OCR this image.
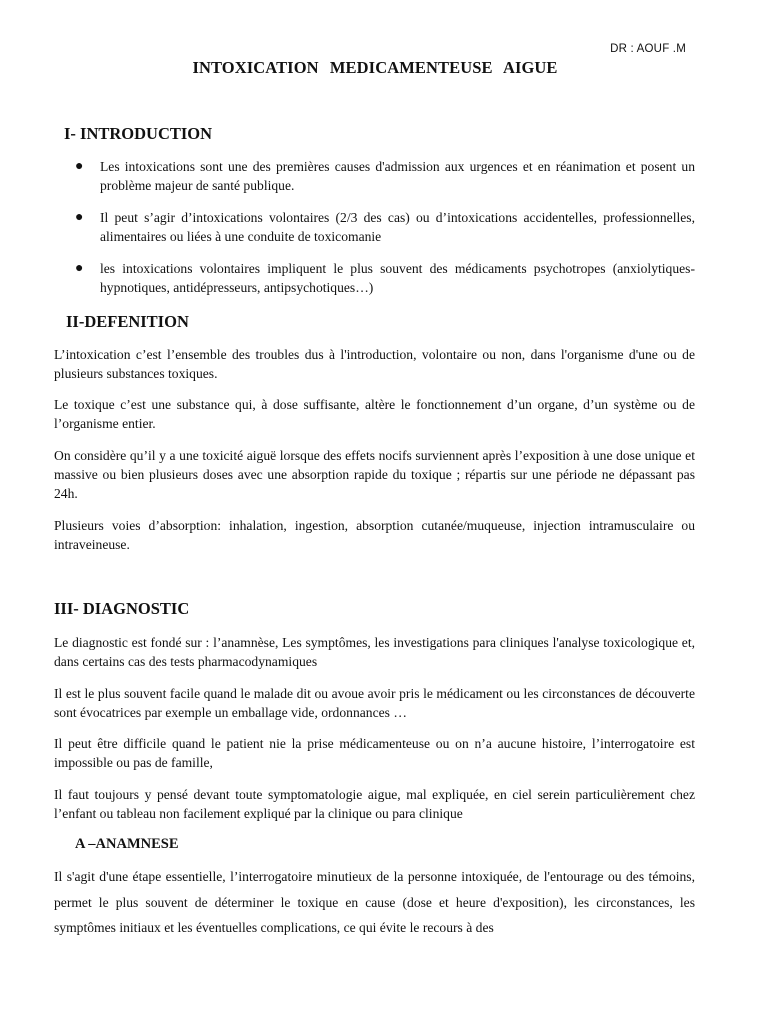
DR : AOUF .M
INTOXICATION MEDICAMENTEUSE AIGUE
I- INTRODUCTION
● Les intoxications sont une des premières causes d'admission aux urgences et en réanimation et posent un problème majeur de santé publique.

● Il peut s’agir d’intoxications volontaires (2/3 des cas) ou d’intoxications accidentelles, professionnelles, alimentaires ou liées à une conduite de toxicomanie

● les intoxications volontaires impliquent le plus souvent des médicaments psychotropes (anxiolytiques-hypnotiques, antidépresseurs, antipsychotiques…)

II-DEFENITION

L’intoxication c’est l’ensemble des troubles dus à l'introduction, volontaire ou non, dans l'organisme d'une ou de plusieurs substances toxiques.

Le toxique c’est une substance qui, à dose suffisante, altère le fonctionnement d’un organe, d’un système ou de l’organisme entier.

On considère qu’il y a une toxicité aiguë lorsque des effets nocifs surviennent après l’exposition à une dose unique et massive ou bien plusieurs doses avec une absorption rapide du toxique ; répartis sur une période ne dépassant pas 24h.

Plusieurs voies d’absorption: inhalation, ingestion, absorption cutanée/muqueuse, injection intramusculaire ou intraveineuse.

III- DIAGNOSTIC

Le diagnostic est fondé sur : l’anamnèse, Les symptômes, les investigations para cliniques l'analyse toxicologique et, dans certains cas des tests pharmacodynamiques

Il est le plus souvent facile quand le malade dit ou avoue avoir pris le médicament ou les circonstances de découverte sont évocatrices par exemple un emballage vide, ordonnances …

Il peut être difficile quand le patient nie la prise médicamenteuse ou on n’a aucune histoire, l’interrogatoire est impossible ou pas de famille,

Il faut toujours y pensé devant toute symptomatologie aigue, mal expliquée, en ciel serein particulièrement chez l’enfant ou tableau non facilement expliqué par la clinique ou para clinique

A –ANAMNESE

Il s'agit d'une étape essentielle, l’interrogatoire minutieux de la personne intoxiquée, de l'entourage ou des témoins, permet le plus souvent de déterminer le toxique en cause (dose et heure d'exposition), les circonstances, les symptômes initiaux et les éventuelles complications, ce qui évite le recours à des
